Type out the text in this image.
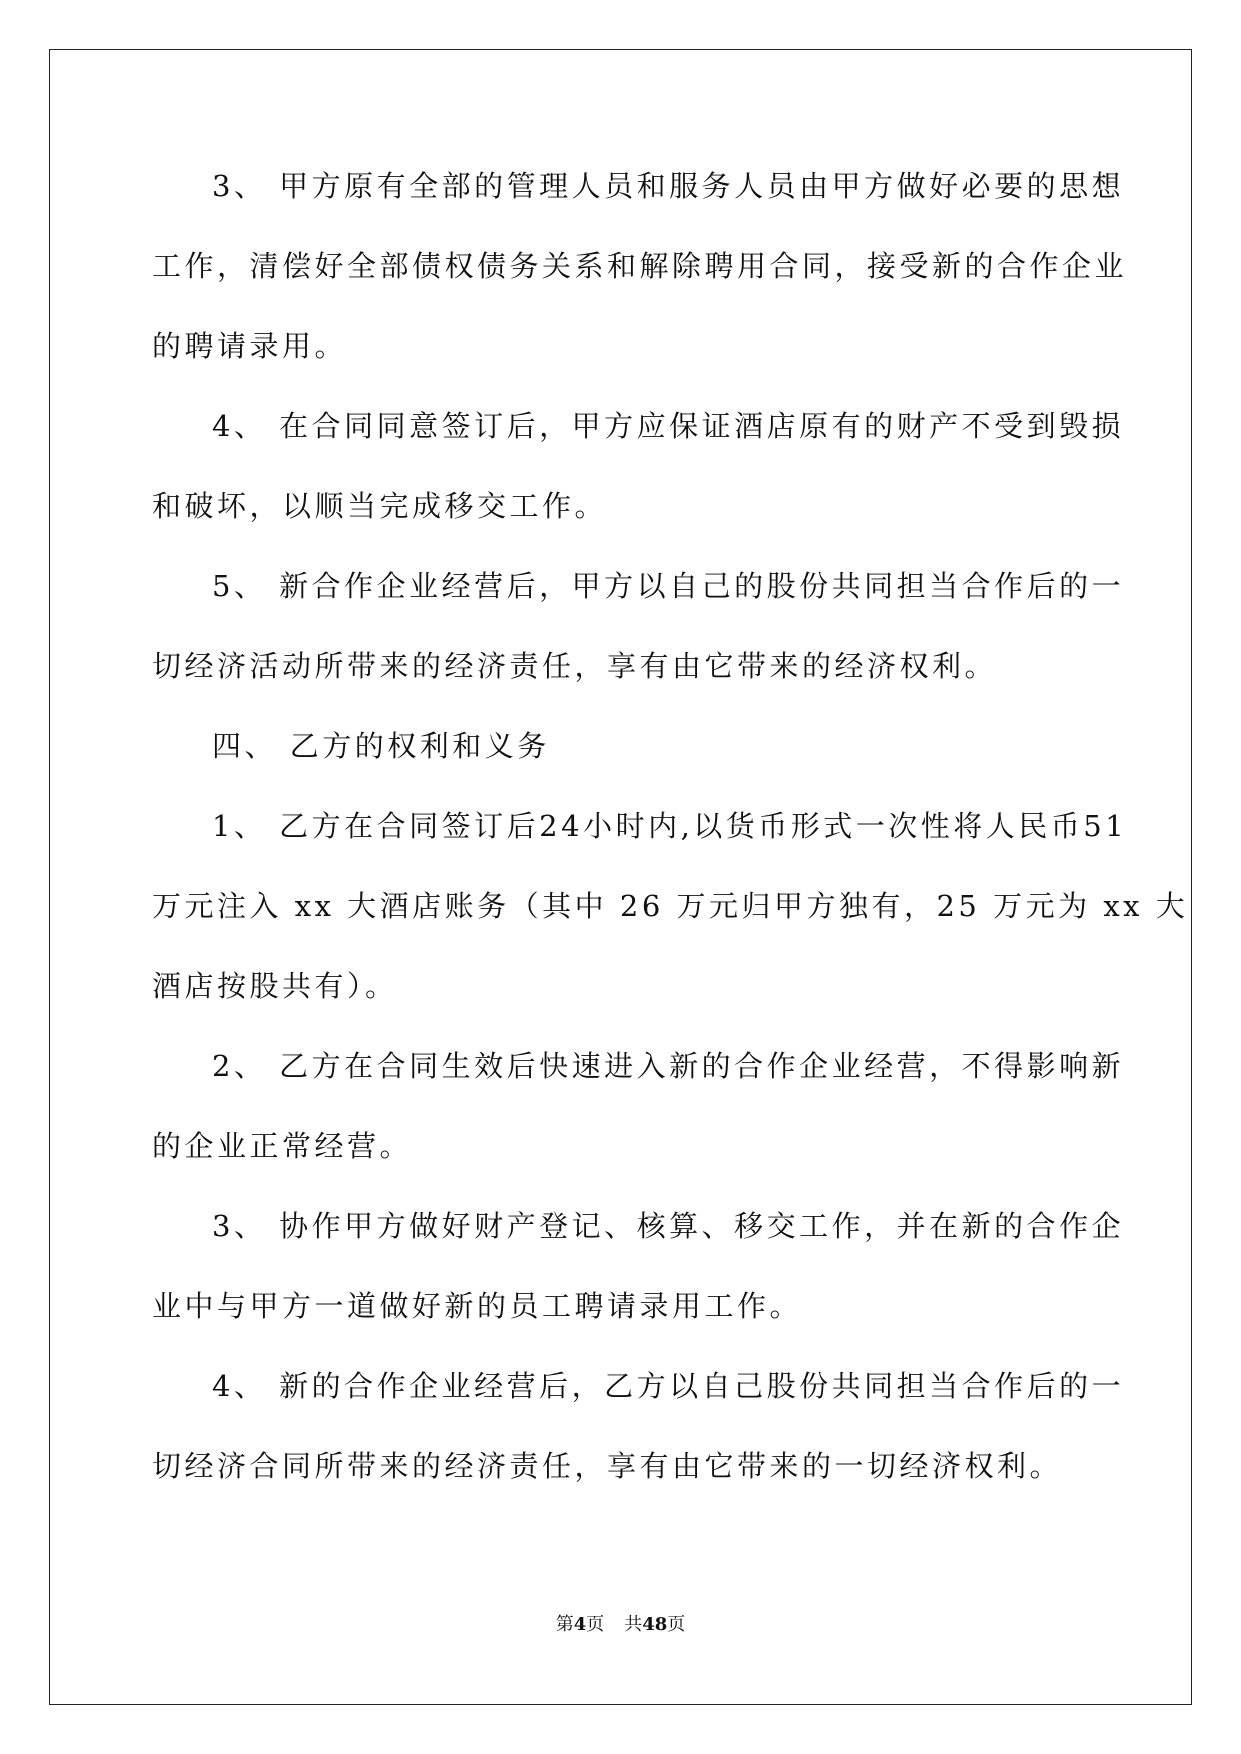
3、 甲方原有全部的管理人员和服务人员由甲方做好必要的思想
工作，清偿好全部债权债务关系和解除聘用合同，接受新的合作企业
的聘请录用。
4、 在合同同意签订后，甲方应保证酒店原有的财产不受到毁损
和破坏，以顺当完成移交工作。
5、 新合作企业经营后，甲方以自己的股份共同担当合作后的一
切经济活动所带来的经济责任，享有由它带来的经济权利。
四、 乙方的权利和义务
1、 乙方在合同签订后24小时内,以货币形式一次性将人民币51
万元注入 xx 大酒店账务（其中 26 万元归甲方独有，25 万元为 xx 大
酒店按股共有）。
2、 乙方在合同生效后快速进入新的合作企业经营，不得影响新
的企业正常经营。
3、 协作甲方做好财产登记、核算、移交工作，并在新的合作企
业中与甲方一道做好新的员工聘请录用工作。
4、 新的合作企业经营后，乙方以自己股份共同担当合作后的一
切经济合同所带来的经济责任，享有由它带来的一切经济权利。
第4页 共48页
